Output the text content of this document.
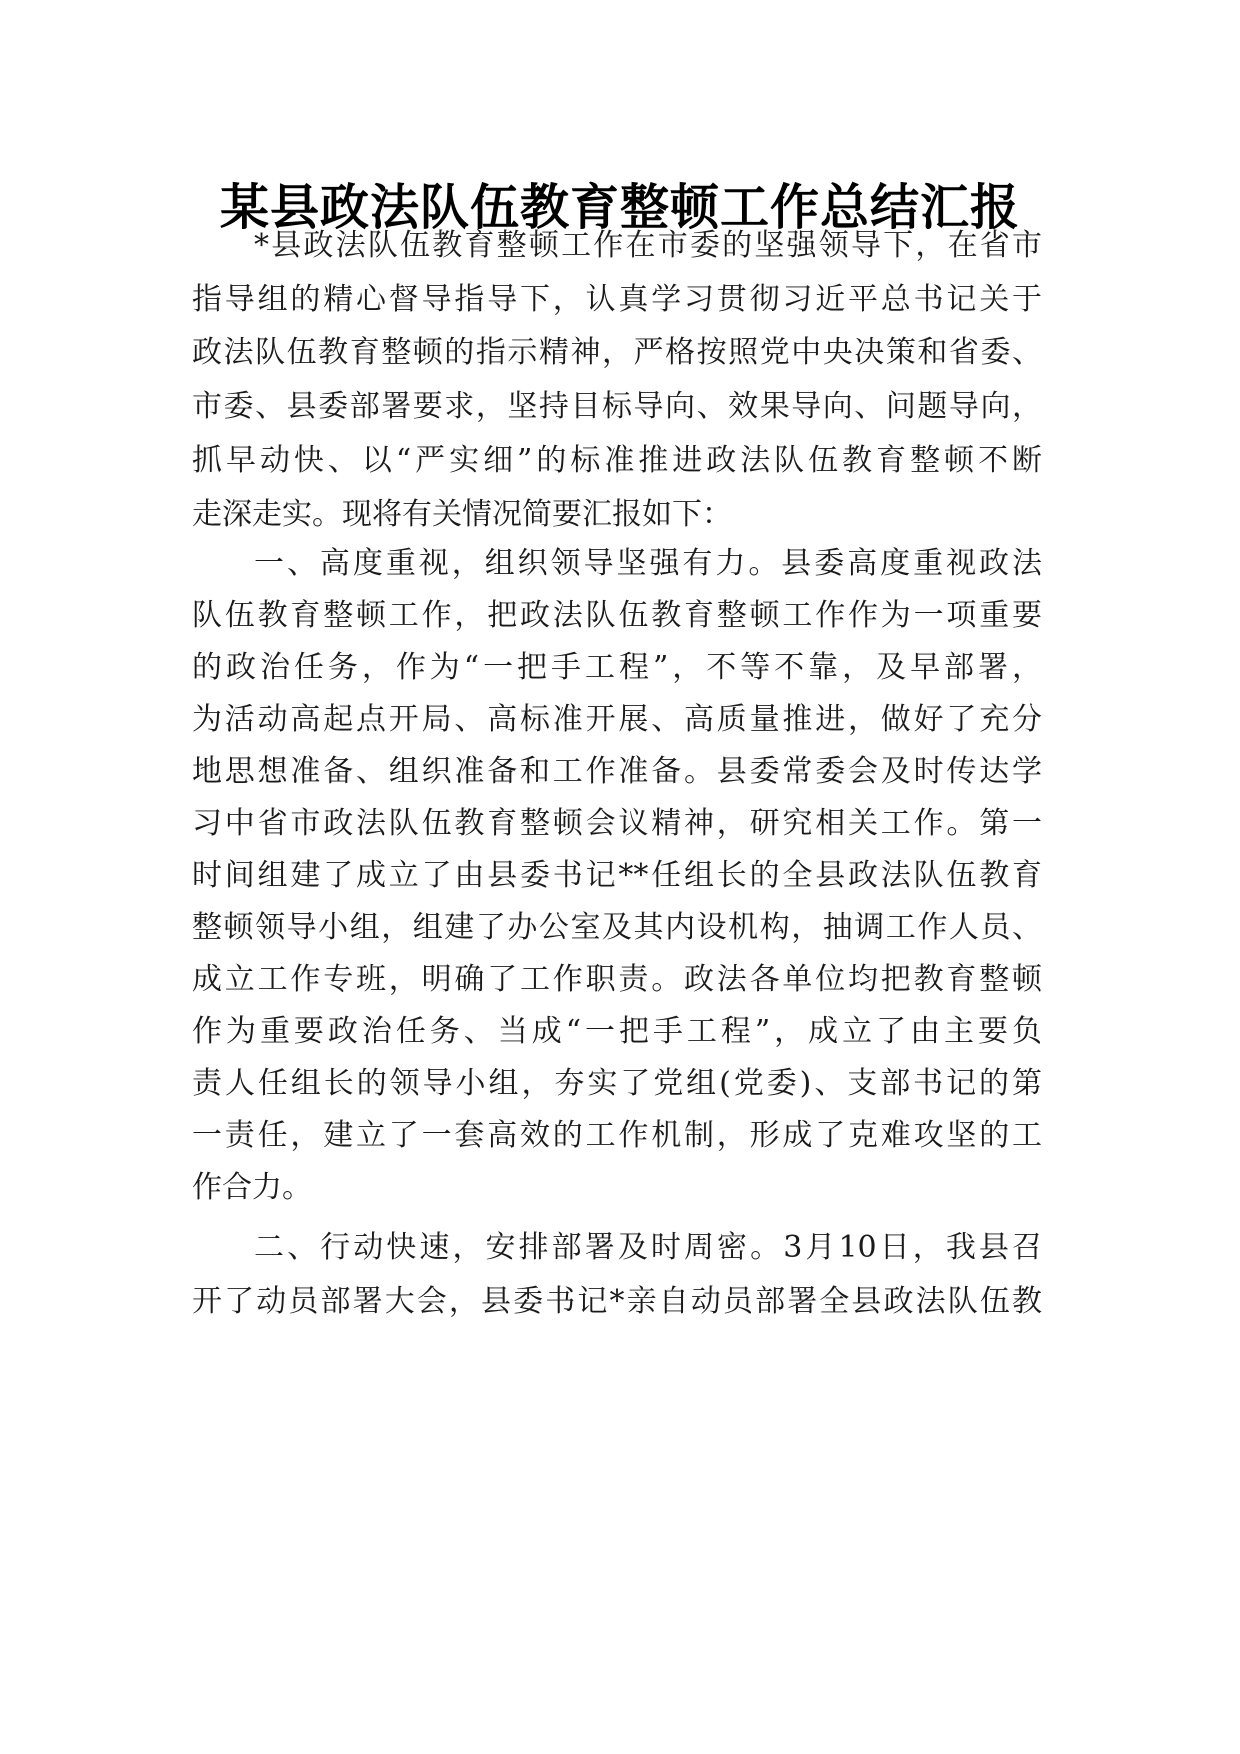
某县政法队伍教育整顿工作总结汇报
*县政法队伍教育整顿工作在市委的坚强领导下，在省市
指导组的精心督导指导下，认真学习贯彻习近平总书记关于
政法队伍教育整顿的指示精神，严格按照党中央决策和省委、
市委、县委部署要求，坚持目标导向、效果导向、问题导向，
抓早动快、以“严实细”的标准推进政法队伍教育整顿不断
走深走实。现将有关情况简要汇报如下：
一、高度重视，组织领导坚强有力。县委高度重视政法
队伍教育整顿工作，把政法队伍教育整顿工作作为一项重要
的政治任务，作为“一把手工程”，不等不靠，及早部署，
为活动高起点开局、高标准开展、高质量推进，做好了充分
地思想准备、组织准备和工作准备。县委常委会及时传达学
习中省市政法队伍教育整顿会议精神，研究相关工作。第一
时间组建了成立了由县委书记**任组长的全县政法队伍教育
整顿领导小组，组建了办公室及其内设机构，抽调工作人员、
成立工作专班，明确了工作职责。政法各单位均把教育整顿
作为重要政治任务、当成“一把手工程”，成立了由主要负
责人任组长的领导小组，夯实了党组(党委)、支部书记的第
一责任，建立了一套高效的工作机制，形成了克难攻坚的工
作合力。
二、行动快速，安排部署及时周密。3月10日，我县召
开了动员部署大会，县委书记*亲自动员部署全县政法队伍教
